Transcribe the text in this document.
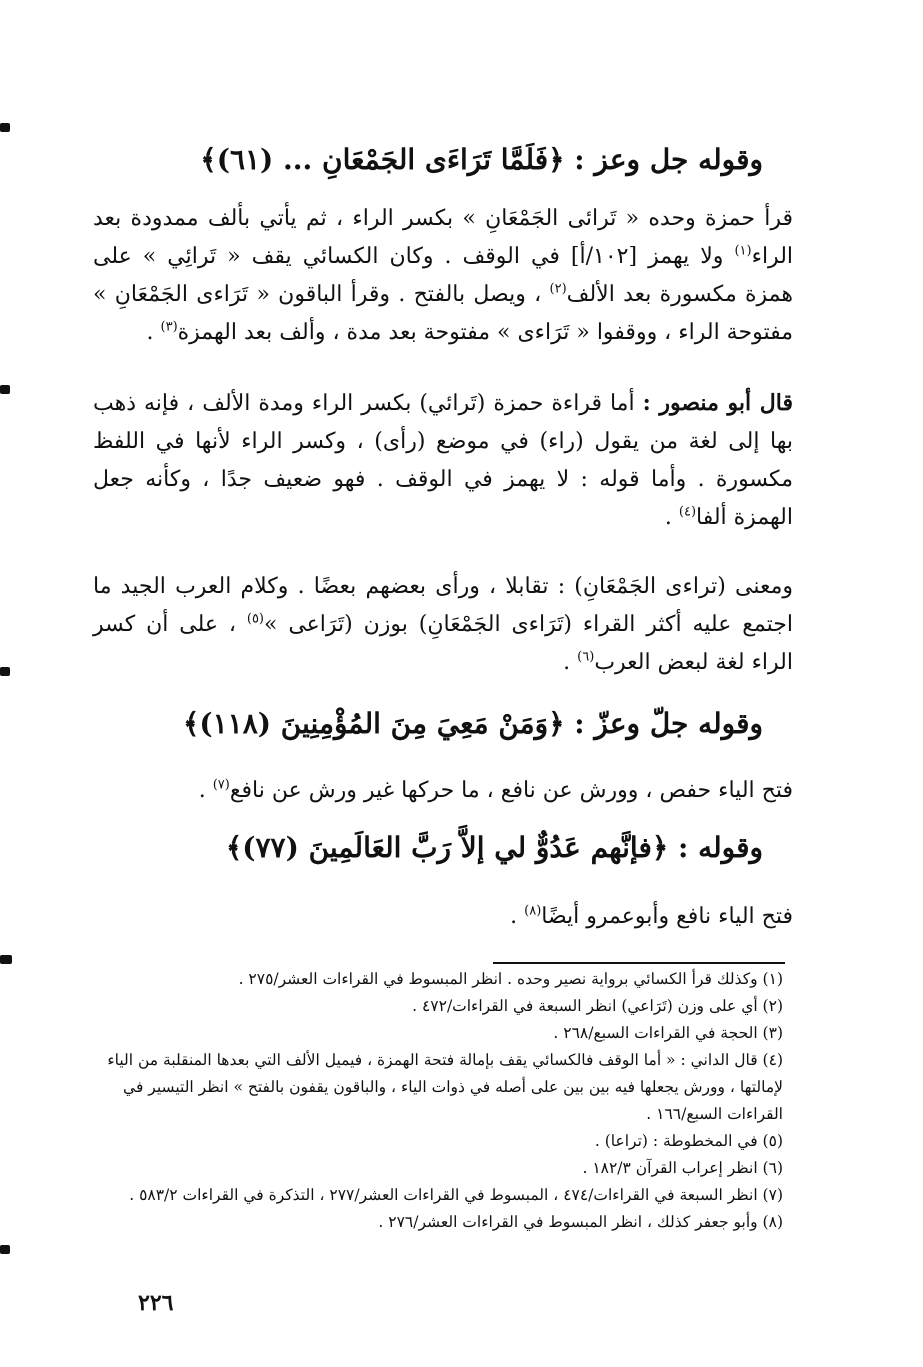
وقوله جل وعز : ﴿فَلَمَّا تَرَاءَى الجَمْعَانِ ... (٦١)﴾
قرأ حمزة وحده « تَرائى الجَمْعَانِ » بكسر الراء ، ثم يأتي بألف ممدودة بعد الراء$^{(١)}$ ولا يهمز [١٠٢/أ] في الوقف . وكان الكسائي يقف « تَرائِي » على همزة مكسورة بعد الألف$^{(٢)}$ ، ويصل بالفتح . وقرأ الباقون « تَرَاءى الجَمْعَانِ » مفتوحة الراء ، ووقفوا « تَرَاءى » مفتوحة بعد مدة ، وألف بعد الهمزة$^{(٣)}$ .
قال أبو منصور : أما قراءة حمزة (تَرائي) بكسر الراء ومدة الألف ، فإنه ذهب بها إلى لغة من يقول (راء) في موضع (رأى) ، وكسر الراء لأنها في اللفظ مكسورة . وأما قوله : لا يهمز في الوقف . فهو ضعيف جدًا ، وكأنه جعل الهمزة ألفا$^{(٤)}$ .
ومعنى (تراءى الجَمْعَانِ) : تقابلا ، ورأى بعضهم بعضًا . وكلام العرب الجيد ما اجتمع عليه أكثر القراء (تَرَاءى الجَمْعَانِ) بوزن (تَرَاعى »$^{(٥)}$ ، على أن كسر الراء لغة لبعض العرب$^{(٦)}$ .
وقوله جلّ وعزّ : ﴿وَمَنْ مَعِيَ مِنَ المُؤْمِنِينَ (١١٨)﴾
فتح الياء حفص ، وورش عن نافع ، ما حركها غير ورش عن نافع$^{(٧)}$ .
وقوله : ﴿فإنَّهم عَدُوٌّ لي إلاَّ رَبَّ العَالَمِينَ (٧٧)﴾
فتح الياء نافع وأبوعمرو أيضًا$^{(٨)}$ .
(١) وكذلك قرأ الكسائي برواية نصير وحده . انظر المبسوط في القراءات العشر/٢٧٥ .
(٢) أي على وزن (تَرَاعي) انظر السبعة في القراءات/٤٧٢ .
(٣) الحجة في القراءات السبع/٢٦٨ .
(٤) قال الداني : « أما الوقف فالكسائي يقف بإمالة فتحة الهمزة ، فيميل الألف التي بعدها المنقلبة من الياء لإمالتها ، وورش يجعلها فيه بين بين على أصله في ذوات الياء ، والباقون يقفون بالفتح » انظر التيسير في القراءات السبع/١٦٦ .
(٥) في المخطوطة : (تراعا) .
(٦) انظر إعراب القرآن ١٨٢/٣ .
(٧) انظر السبعة في القراءات/٤٧٤ ، المبسوط في القراءات العشر/٢٧٧ ، التذكرة في القراءات ٥٨٣/٢ .
(٨) وأبو جعفر كذلك ، انظر المبسوط في القراءات العشر/٢٧٦ .
٢٢٦
